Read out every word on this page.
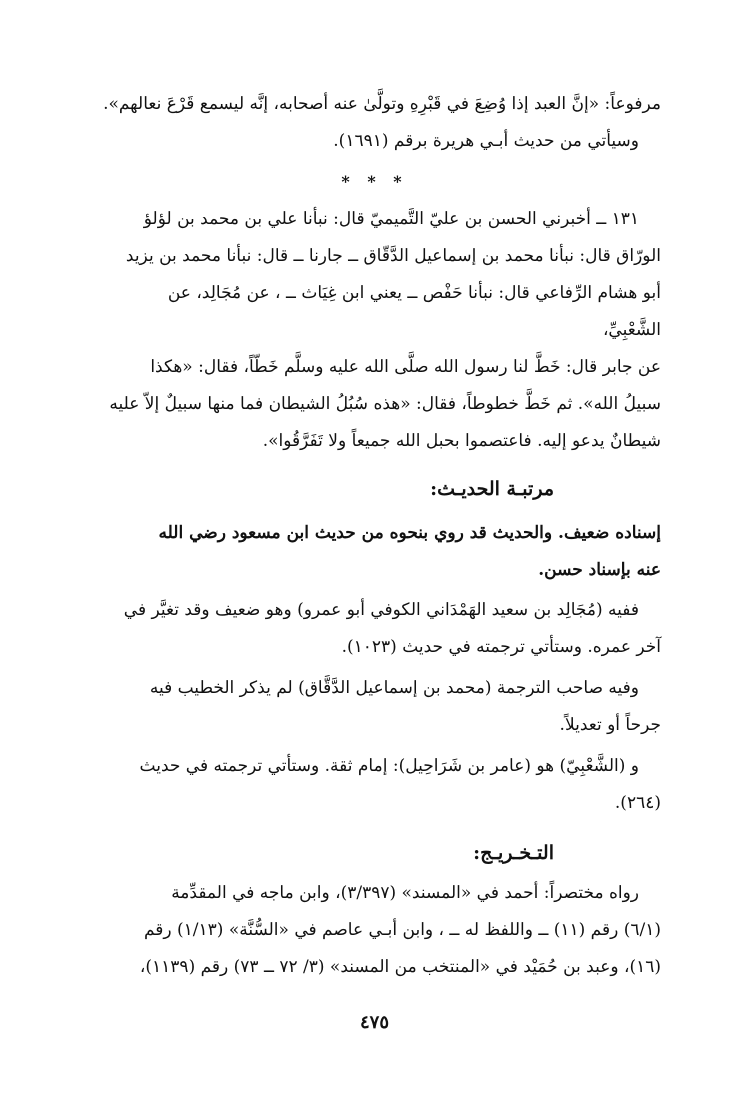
مرفوعاً: «إنَّ العبد إذا وُضِعَ في قَبْرِهِ وتولَّىٰ عنه أصحابه، إنَّه ليسمع قَرْعَ نعالهم».
وسيأتي من حديث أبـي هريرة برقم (١٦٩١).
* * *
١٣١ ــ أخبرني الحسن بن عليّ التَّميميّ قال: نبأنا علي بن محمد بن لؤلؤ
الورّاق قال: نبأنا محمد بن إسماعيل الدَّقّاق ــ جارنا ــ قال: نبأنا محمد بن يزيد
أبو هشام الرِّفاعي قال: نبأنا حَفْص ــ يعني ابن غِيَاث ــ ، عن مُجَالِد، عن
الشَّعْبِيِّ،
عن جابر قال: خَطَّ لنا رسول الله صلَّى الله عليه وسلَّم خَطّاً، فقال: «هكذا
سبيلُ الله». ثم خَطَّ خطوطاً، فقال: «هذه سُبُلُ الشيطان فما منها سبيلٌ إلاّ عليه
شيطانٌ يدعو إليه. فاعتصموا بحبل الله جميعاً ولا تَفَرَّقُوا».
مرتبـة الحديـث:
إسناده ضعيف. والحديث قد روي بنحوه من حديث ابن مسعود رضي الله
عنه بإسناد حسن.
ففيه (مُجَالِد بن سعيد الهَمْدَاني الكوفي أبو عمرو) وهو ضعيف وقد تغيَّر في
آخر عمره. وستأتي ترجمته في حديث (١٠٢٣).
وفيه صاحب الترجمة (محمد بن إسماعيل الدَّقَّاق) لم يذكر الخطيب فيه
جرحاً أو تعديلاً.
و (الشَّعْبِيّ) هو (عامر بن شَرَاحِيل): إمام ثقة. وستأتي ترجمته في حديث
(٢٦٤).
التـخـريـج:
رواه مختصراً: أحمد في «المسند» (٣/٣٩٧)، وابن ماجه في المقدِّمة
(٦/١) رقم (١١) ــ واللفظ له ــ ، وابن أبـي عاصم في «السُّنَّة» (١/١٣) رقم
(١٦)، وعبد بن حُمَيْد في «المنتخب من المسند» (٣/ ٧٢ ــ ٧٣) رقم (١١٣٩)،
٤٧٥
